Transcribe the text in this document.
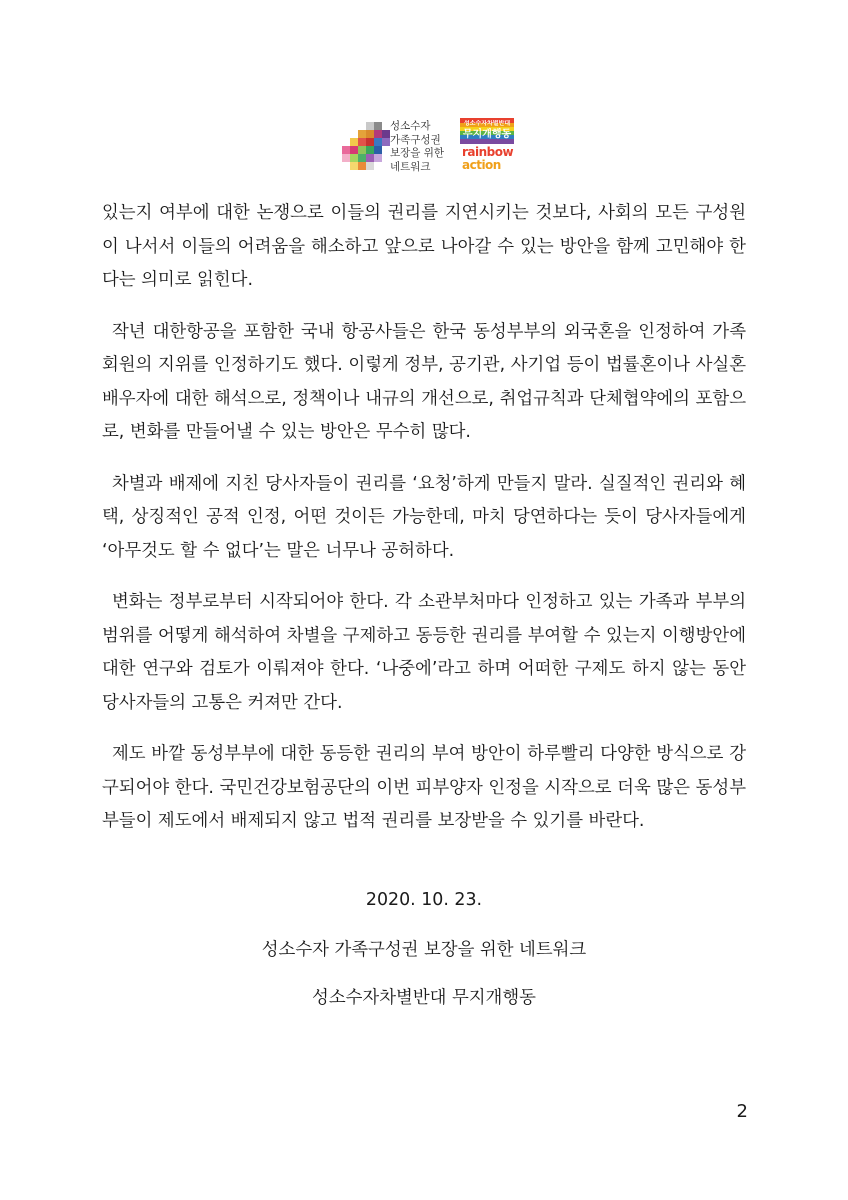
성소수자
가족구성권
보장을 위한
네트워크
성소수자차별반대
무지개행동
rainbow
action

있는지 여부에 대한 논쟁으로 이들의 권리를 지연시키는 것보다, 사회의 모든 구성원이 나서서 이들의 어려움을 해소하고 앞으로 나아갈 수 있는 방안을 함께 고민해야 한다는 의미로 읽힌다.

작년 대한항공을 포함한 국내 항공사들은 한국 동성부부의 외국혼을 인정하여 가족회원의 지위를 인정하기도 했다. 이렇게 정부, 공기관, 사기업 등이 법률혼이나 사실혼 배우자에 대한 해석으로, 정책이나 내규의 개선으로, 취업규칙과 단체협약에의 포함으로, 변화를 만들어낼 수 있는 방안은 무수히 많다.

차별과 배제에 지친 당사자들이 권리를 ‘요청’하게 만들지 말라. 실질적인 권리와 혜택, 상징적인 공적 인정, 어떤 것이든 가능한데, 마치 당연하다는 듯이 당사자들에게 ‘아무것도 할 수 없다’는 말은 너무나 공허하다.

변화는 정부로부터 시작되어야 한다. 각 소관부처마다 인정하고 있는 가족과 부부의 범위를 어떻게 해석하여 차별을 구제하고 동등한 권리를 부여할 수 있는지 이행방안에 대한 연구와 검토가 이뤄져야 한다. ‘나중에’라고 하며 어떠한 구제도 하지 않는 동안 당사자들의 고통은 커져만 간다.

제도 바깥 동성부부에 대한 동등한 권리의 부여 방안이 하루빨리 다양한 방식으로 강구되어야 한다. 국민건강보험공단의 이번 피부양자 인정을 시작으로 더욱 많은 동성부부들이 제도에서 배제되지 않고 법적 권리를 보장받을 수 있기를 바란다.

2020. 10. 23.
성소수자 가족구성권 보장을 위한 네트워크
성소수자차별반대 무지개행동
2
